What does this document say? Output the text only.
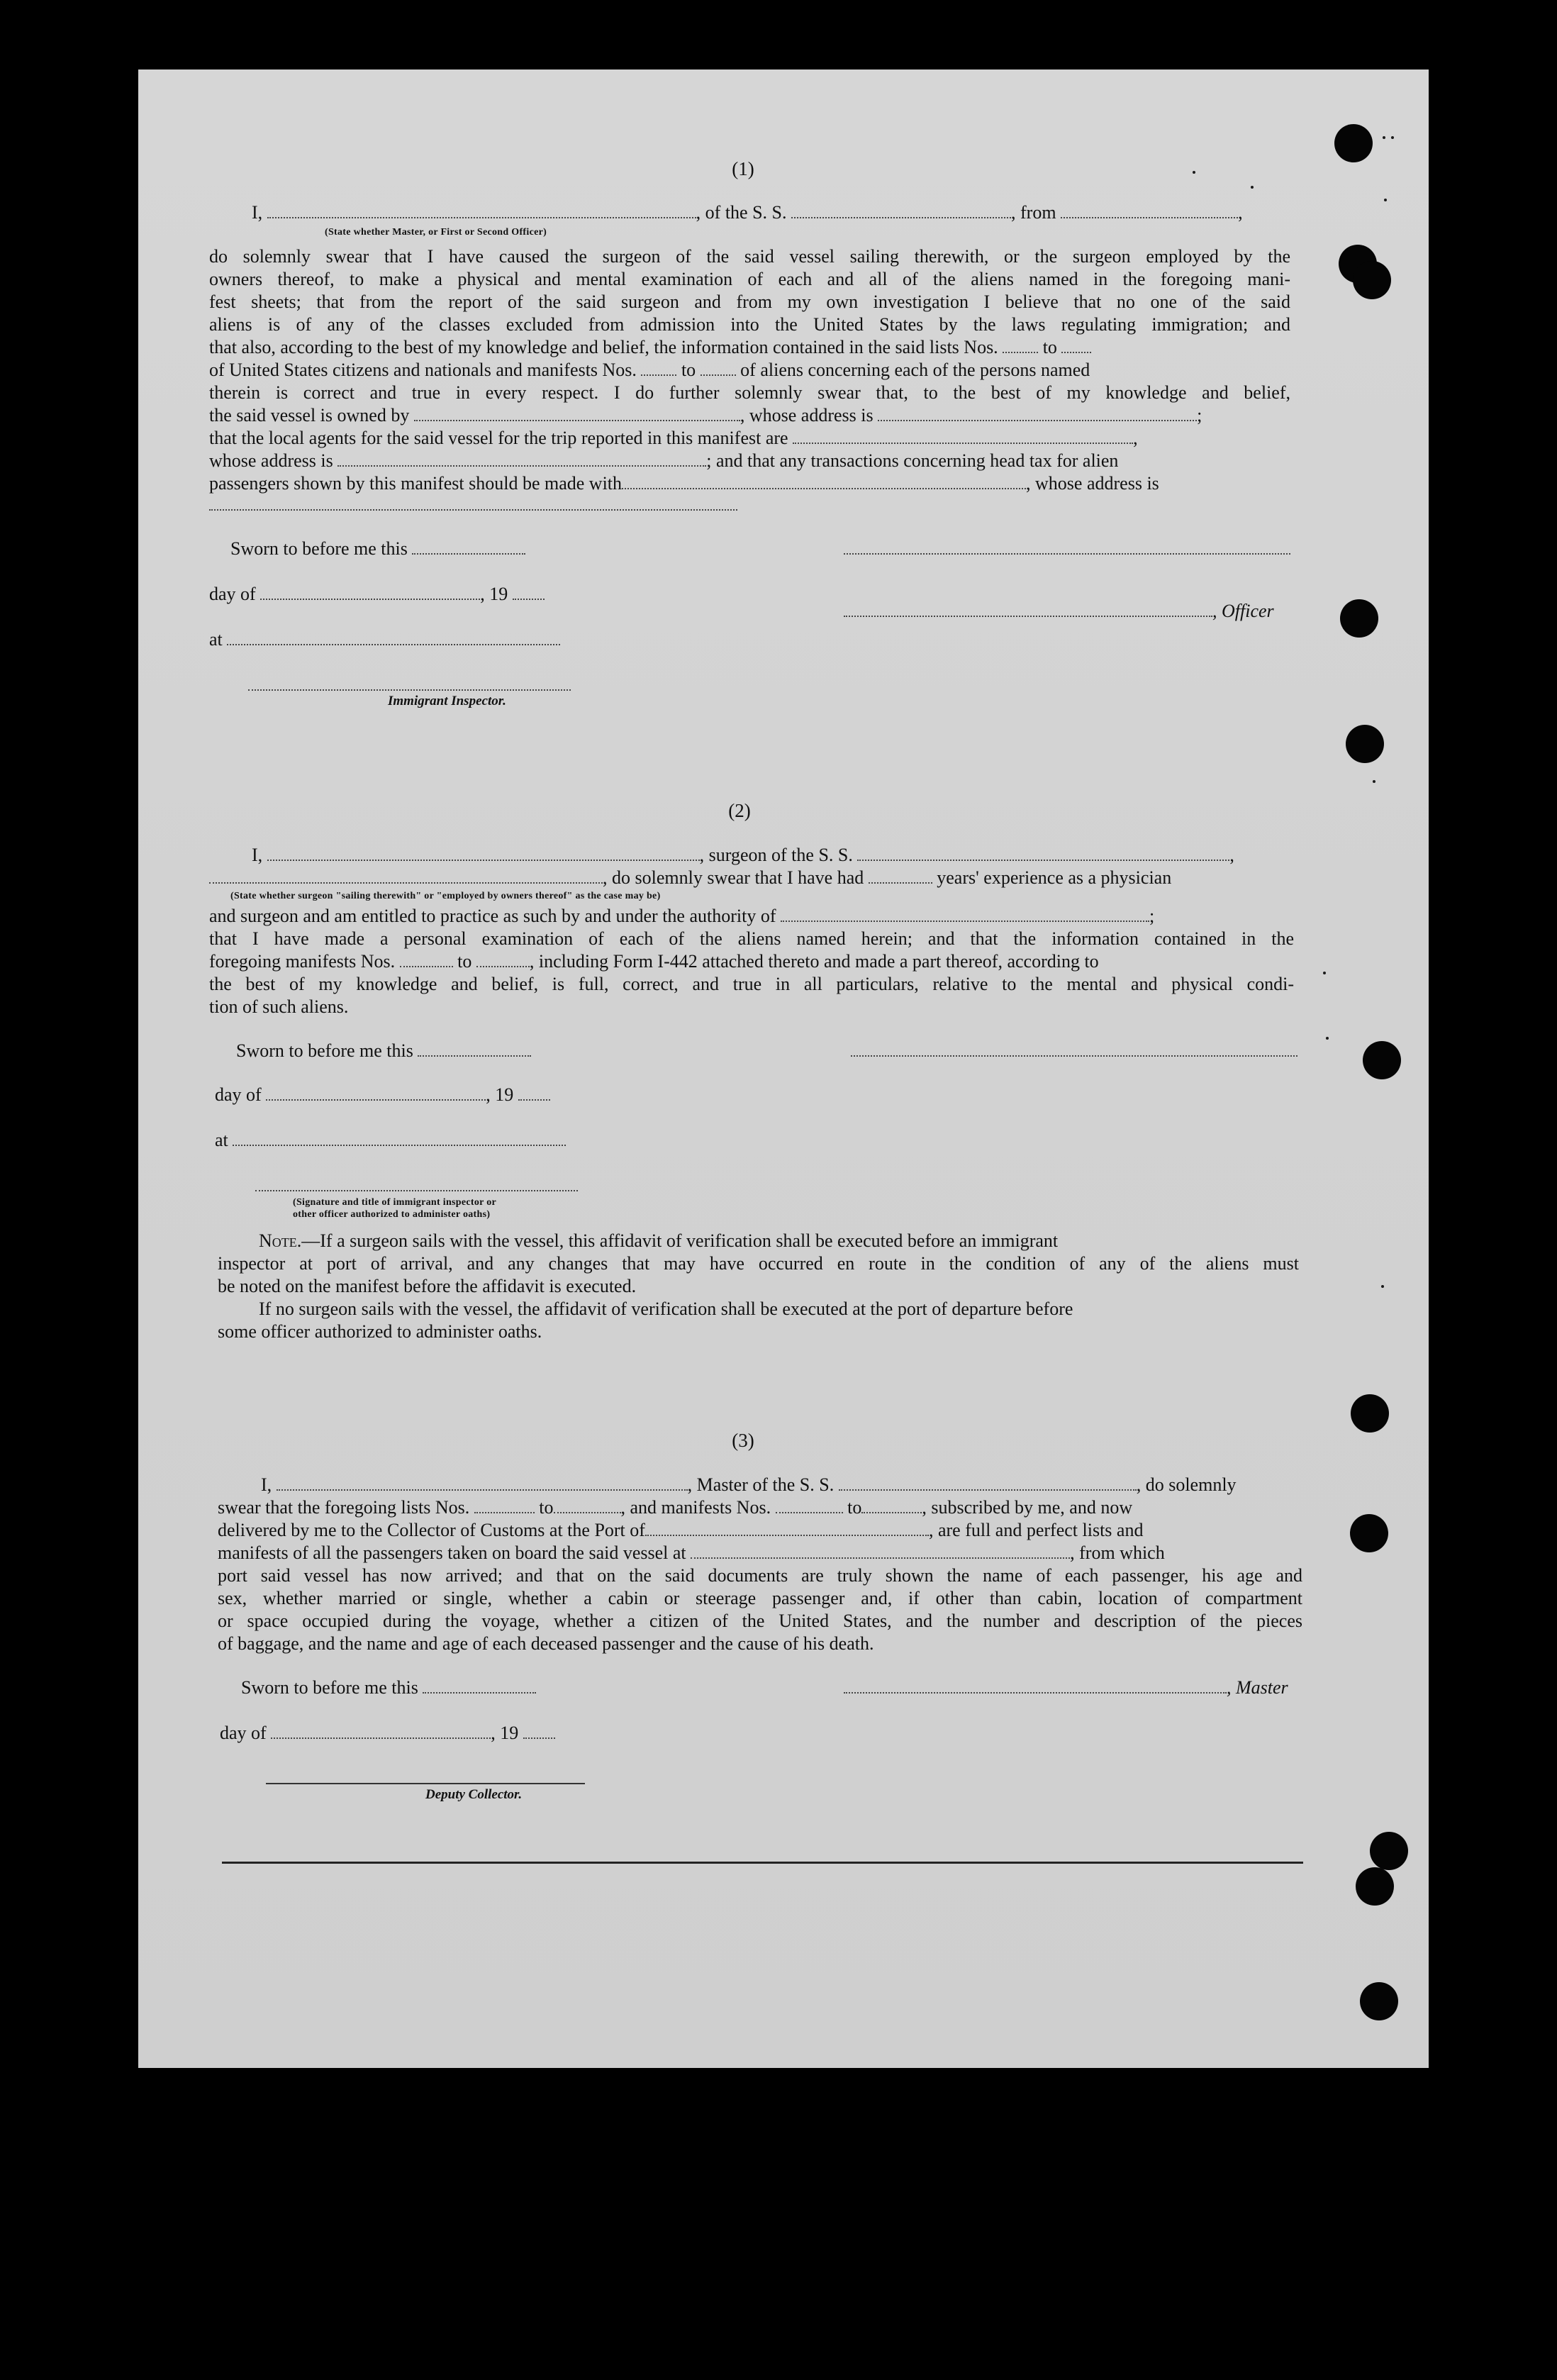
(1)
I,	, of the S. S.	, from	,
(State whether Master, or First or Second Officer)
do solemnly swear that I have caused the surgeon of the said vessel sailing therewith, or the surgeon employed by the
owners thereof, to make a physical and mental examination of each and all of the aliens named in the foregoing mani-
fest sheets; that from the report of the said surgeon and from my own investigation I believe that no one of the said
aliens is of any of the classes excluded from admission into the United States by the laws regulating immigration; and
that also, according to the best of my knowledge and belief, the information contained in the said lists Nos. to
of United States citizens and nationals and manifests Nos. to of aliens concerning each of the persons named
therein is correct and true in every respect. I do further solemnly swear that, to the best of my knowledge and belief,
the said vessel is owned by	, whose address is	;
that the local agents for the said vessel for the trip reported in this manifest are	,
whose address is	; and that any transactions concerning head tax for alien
passengers shown by this manifest should be made with	, whose address is
Sworn to before me this
day of	, 19
, Officer
at
Immigrant Inspector.
(2)
I,	, surgeon of the S. S.	,
, do solemnly swear that I have had	years' experience as a physician
(State whether surgeon "sailing therewith" or "employed by owners thereof" as the case may be)
and surgeon and am entitled to practice as such by and under the authority of	;
that I have made a personal examination of each of the aliens named herein; and that the information contained in the
foregoing manifests Nos.	to	, including Form I-442 attached thereto and made a part thereof, according to
the best of my knowledge and belief, is full, correct, and true in all particulars, relative to the mental and physical condi-
tion of such aliens.
Sworn to before me this
day of	, 19
at
(Signature and title of immigrant inspector or
other officer authorized to administer oaths)
Note.—If a surgeon sails with the vessel, this affidavit of verification shall be executed before an immigrant
inspector at port of arrival, and any changes that may have occurred en route in the condition of any of the aliens must
be noted on the manifest before the affidavit is executed.
If no surgeon sails with the vessel, the affidavit of verification shall be executed at the port of departure before
some officer authorized to administer oaths.
(3)
I,	, Master of the S. S.	, do solemnly
swear that the foregoing lists Nos.	to	, and manifests Nos.	to	, subscribed by me, and now
delivered by me to the Collector of Customs at the Port of	, are full and perfect lists and
manifests of all the passengers taken on board the said vessel at	, from which
port said vessel has now arrived; and that on the said documents are truly shown the name of each passenger, his age and
sex, whether married or single, whether a cabin or steerage passenger and, if other than cabin, location of compartment
or space occupied during the voyage, whether a citizen of the United States, and the number and description of the pieces
of baggage, and the name and age of each deceased passenger and the cause of his death.
Sworn to before me this	, Master
day of	, 19
Deputy Collector.
